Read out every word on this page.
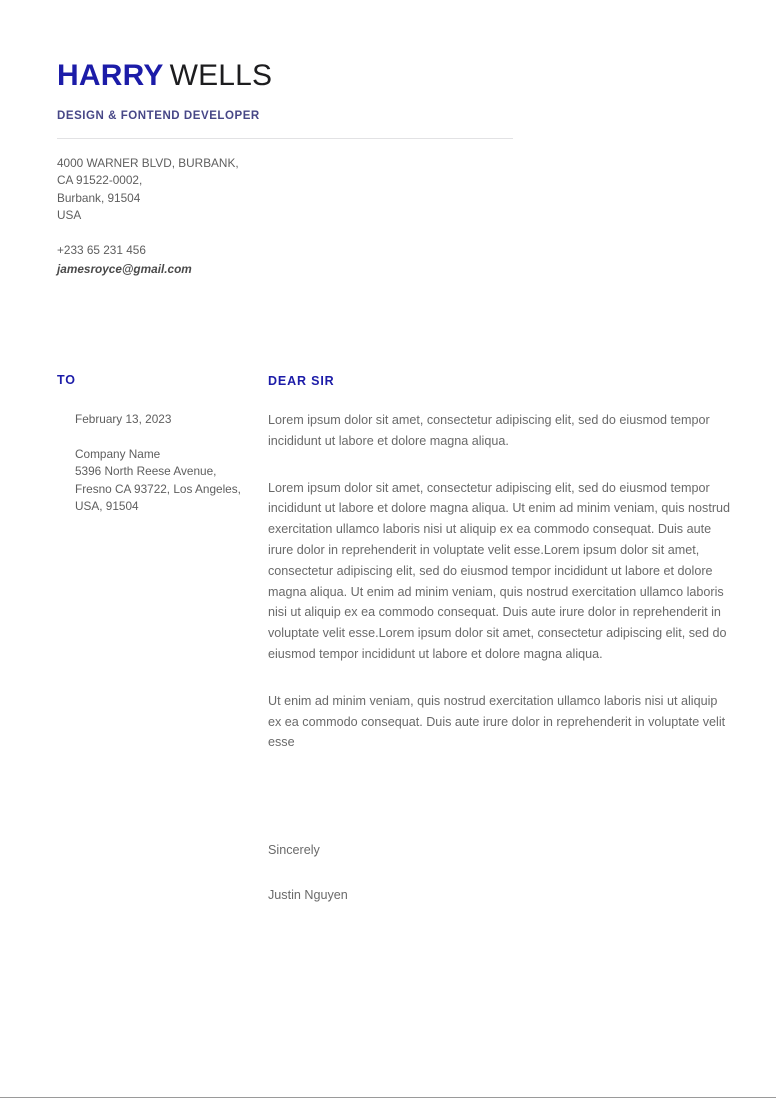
HARRY WELLS
DESIGN & FONTEND DEVELOPER
4000 WARNER BLVD, BURBANK,
CA 91522-0002,
Burbank, 91504
USA
+233 65 231 456
jamesroyce@gmail.com
TO
February 13, 2023
Company Name
5396 North Reese Avenue,
Fresno CA 93722, Los Angeles,
USA, 91504
DEAR SIR

Lorem ipsum dolor sit amet, consectetur adipiscing elit, sed do eiusmod tempor incididunt ut labore et dolore magna aliqua.

Lorem ipsum dolor sit amet, consectetur adipiscing elit, sed do eiusmod tempor incididunt ut labore et dolore magna aliqua. Ut enim ad minim veniam, quis nostrud exercitation ullamco laboris nisi ut aliquip ex ea commodo consequat. Duis aute irure dolor in reprehenderit in voluptate velit esse.Lorem ipsum dolor sit amet, consectetur adipiscing elit, sed do eiusmod tempor incididunt ut labore et dolore magna aliqua. Ut enim ad minim veniam, quis nostrud exercitation ullamco laboris nisi ut aliquip ex ea commodo consequat. Duis aute irure dolor in reprehenderit in voluptate velit esse.Lorem ipsum dolor sit amet, consectetur adipiscing elit, sed do eiusmod tempor incididunt ut labore et dolore magna aliqua.

Ut enim ad minim veniam, quis nostrud exercitation ullamco laboris nisi ut aliquip ex ea commodo consequat. Duis aute irure dolor in reprehenderit in voluptate velit esse

Sincerely
Justin Nguyen
